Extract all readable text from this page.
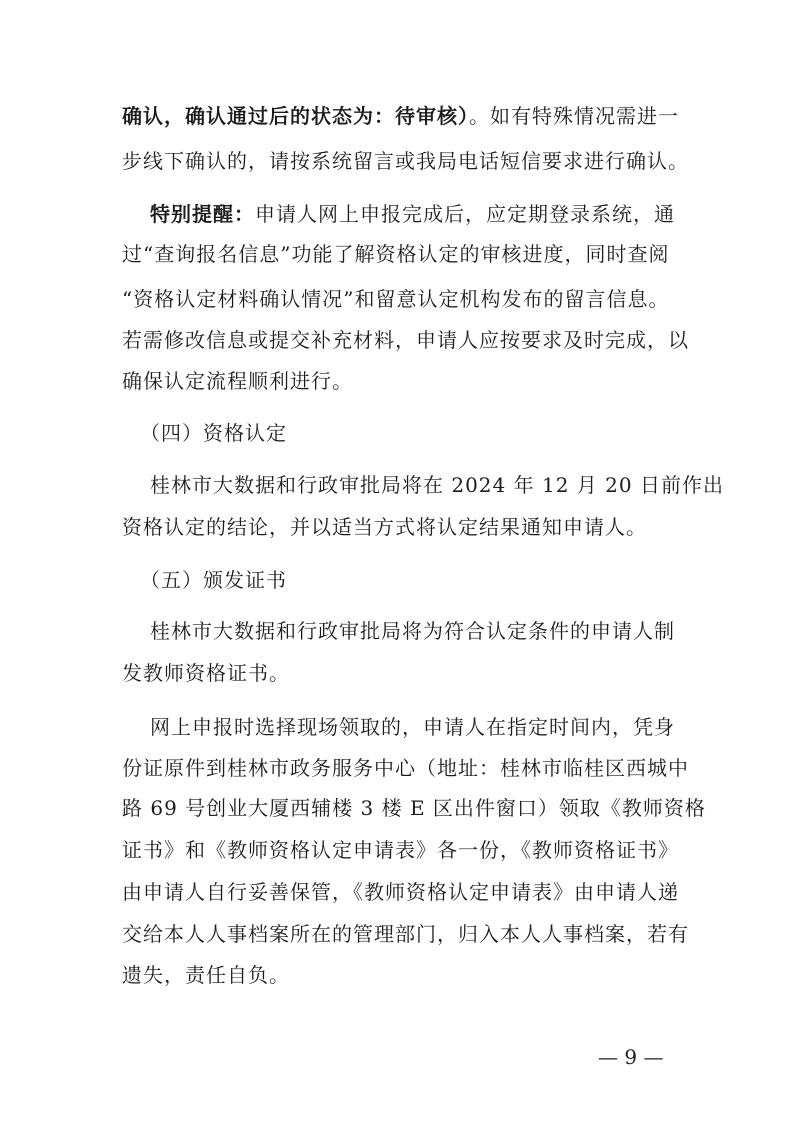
确认，确认通过后的状态为：待审核）。如有特殊情况需进一
步线下确认的，请按系统留言或我局电话短信要求进行确认。
特别提醒：申请人网上申报完成后，应定期登录系统，通
过“查询报名信息”功能了解资格认定的审核进度，同时查阅
“资格认定材料确认情况”和留意认定机构发布的留言信息。
若需修改信息或提交补充材料，申请人应按要求及时完成，以
确保认定流程顺利进行。
（四）资格认定
桂林市大数据和行政审批局将在 2024 年 12 月 20 日前作出
资格认定的结论，并以适当方式将认定结果通知申请人。
（五）颁发证书
桂林市大数据和行政审批局将为符合认定条件的申请人制
发教师资格证书。
网上申报时选择现场领取的，申请人在指定时间内，凭身
份证原件到桂林市政务服务中心（地址：桂林市临桂区西城中
路 69 号创业大厦西辅楼 3 楼 E 区出件窗口）领取《教师资格
证书》和《教师资格认定申请表》各一份，《教师资格证书》
由申请人自行妥善保管，《教师资格认定申请表》由申请人递
交给本人人事档案所在的管理部门，归入本人人事档案，若有
遗失，责任自负。
— 9 —
